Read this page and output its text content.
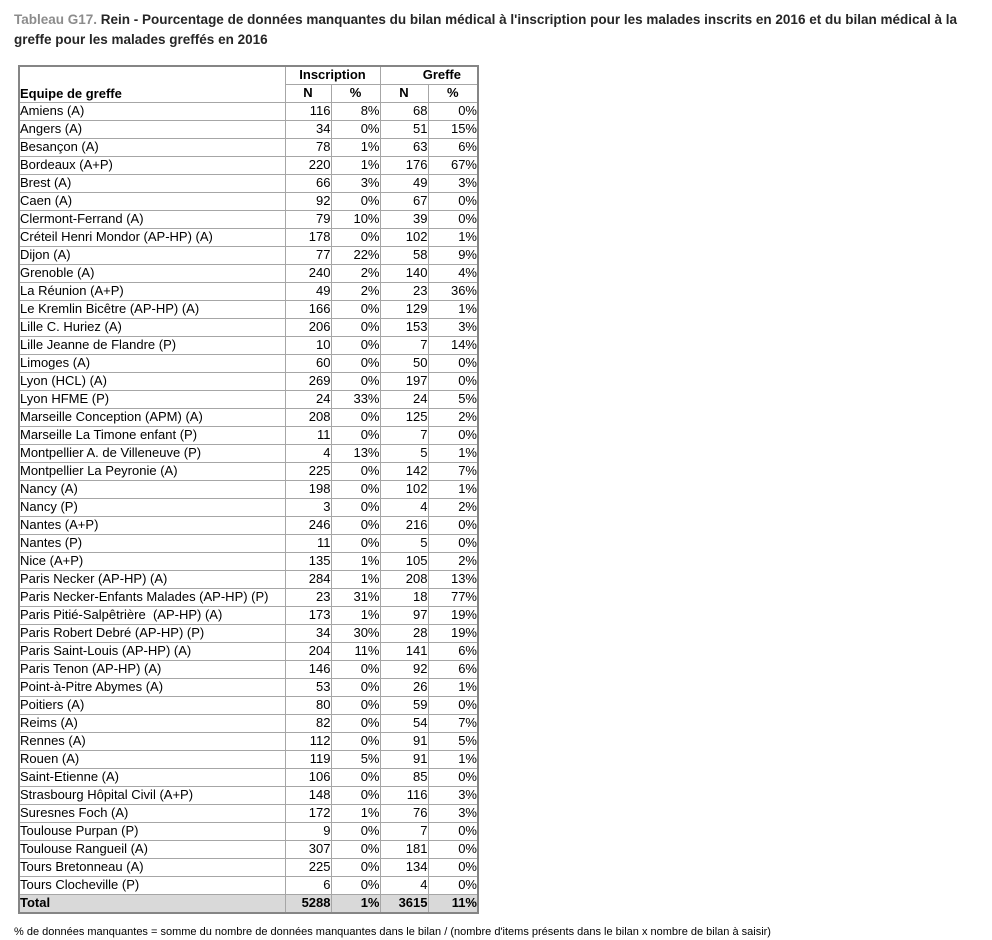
Tableau G17. Rein - Pourcentage de données manquantes du bilan médical à l'inscription pour les malades inscrits en 2016 et du bilan médical à la greffe pour les malades greffés en 2016

Equipe de greffe	Inscription		Greffe	
	N	%	N	%
Amiens (A)	116	8%	68	0%
Angers (A)	34	0%	51	15%
Besançon (A)	78	1%	63	6%
Bordeaux (A+P)	220	1%	176	67%
Brest (A)	66	3%	49	3%
Caen (A)	92	0%	67	0%
Clermont-Ferrand (A)	79	10%	39	0%
Créteil Henri Mondor (AP-HP) (A)	178	0%	102	1%
Dijon (A)	77	22%	58	9%
Grenoble (A)	240	2%	140	4%
La Réunion (A+P)	49	2%	23	36%
Le Kremlin Bicêtre (AP-HP) (A)	166	0%	129	1%
Lille C. Huriez (A)	206	0%	153	3%
Lille Jeanne de Flandre (P)	10	0%	7	14%
Limoges (A)	60	0%	50	0%
Lyon (HCL) (A)	269	0%	197	0%
Lyon HFME (P)	24	33%	24	5%
Marseille Conception (APM) (A)	208	0%	125	2%
Marseille La Timone enfant (P)	11	0%	7	0%
Montpellier A. de Villeneuve (P)	4	13%	5	1%
Montpellier La Peyronie (A)	225	0%	142	7%
Nancy (A)	198	0%	102	1%
Nancy (P)	3	0%	4	2%
Nantes (A+P)	246	0%	216	0%
Nantes (P)	11	0%	5	0%
Nice (A+P)	135	1%	105	2%
Paris Necker (AP-HP) (A)	284	1%	208	13%
Paris Necker-Enfants Malades (AP-HP) (P)	23	31%	18	77%
Paris Pitié-Salpêtrière  (AP-HP) (A)	173	1%	97	19%
Paris Robert Debré (AP-HP) (P)	34	30%	28	19%
Paris Saint-Louis (AP-HP) (A)	204	11%	141	6%
Paris Tenon (AP-HP) (A)	146	0%	92	6%
Point-à-Pitre Abymes (A)	53	0%	26	1%
Poitiers (A)	80	0%	59	0%
Reims (A)	82	0%	54	7%
Rennes (A)	112	0%	91	5%
Rouen (A)	119	5%	91	1%
Saint-Etienne (A)	106	0%	85	0%
Strasbourg Hôpital Civil (A+P)	148	0%	116	3%
Suresnes Foch (A)	172	1%	76	3%
Toulouse Purpan (P)	9	0%	7	0%
Toulouse Rangueil (A)	307	0%	181	0%
Tours Bretonneau (A)	225	0%	134	0%
Tours Clocheville (P)	6	0%	4	0%
Total	5288	1%	3615	11%

% de données manquantes = somme du nombre de données manquantes dans le bilan / (nombre d'items présents dans le bilan x nombre de bilan à saisir)
